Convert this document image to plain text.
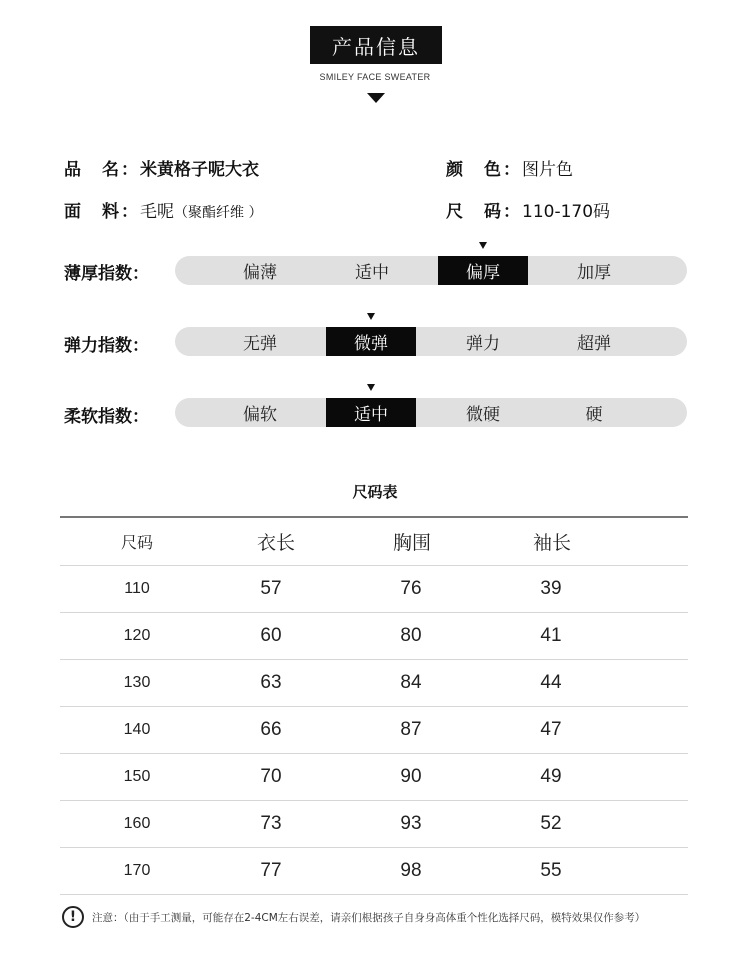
产品信息
SMILEY FACE SWEATER
品　名：米黄格子呢大衣	颜　色：图片色
面　料：毛呢（聚酯纤维 ）	尺　码：110-170码
薄厚指数：	偏薄	适中	偏厚	加厚
弹力指数：	无弹	微弹	弹力	超弹
柔软指数：	偏软	适中	微硬	硬
尺码表
尺码	衣长	胸围	袖长
110	57	76	39
120	60	80	41
130	63	84	44
140	66	87	47
150	70	90	49
160	73	93	52
170	77	98	55
!	注意：（由于手工测量，可能存在2-4CM左右误差，请亲们根据孩子自身身高体重个性化选择尺码，模特效果仅作参考）
